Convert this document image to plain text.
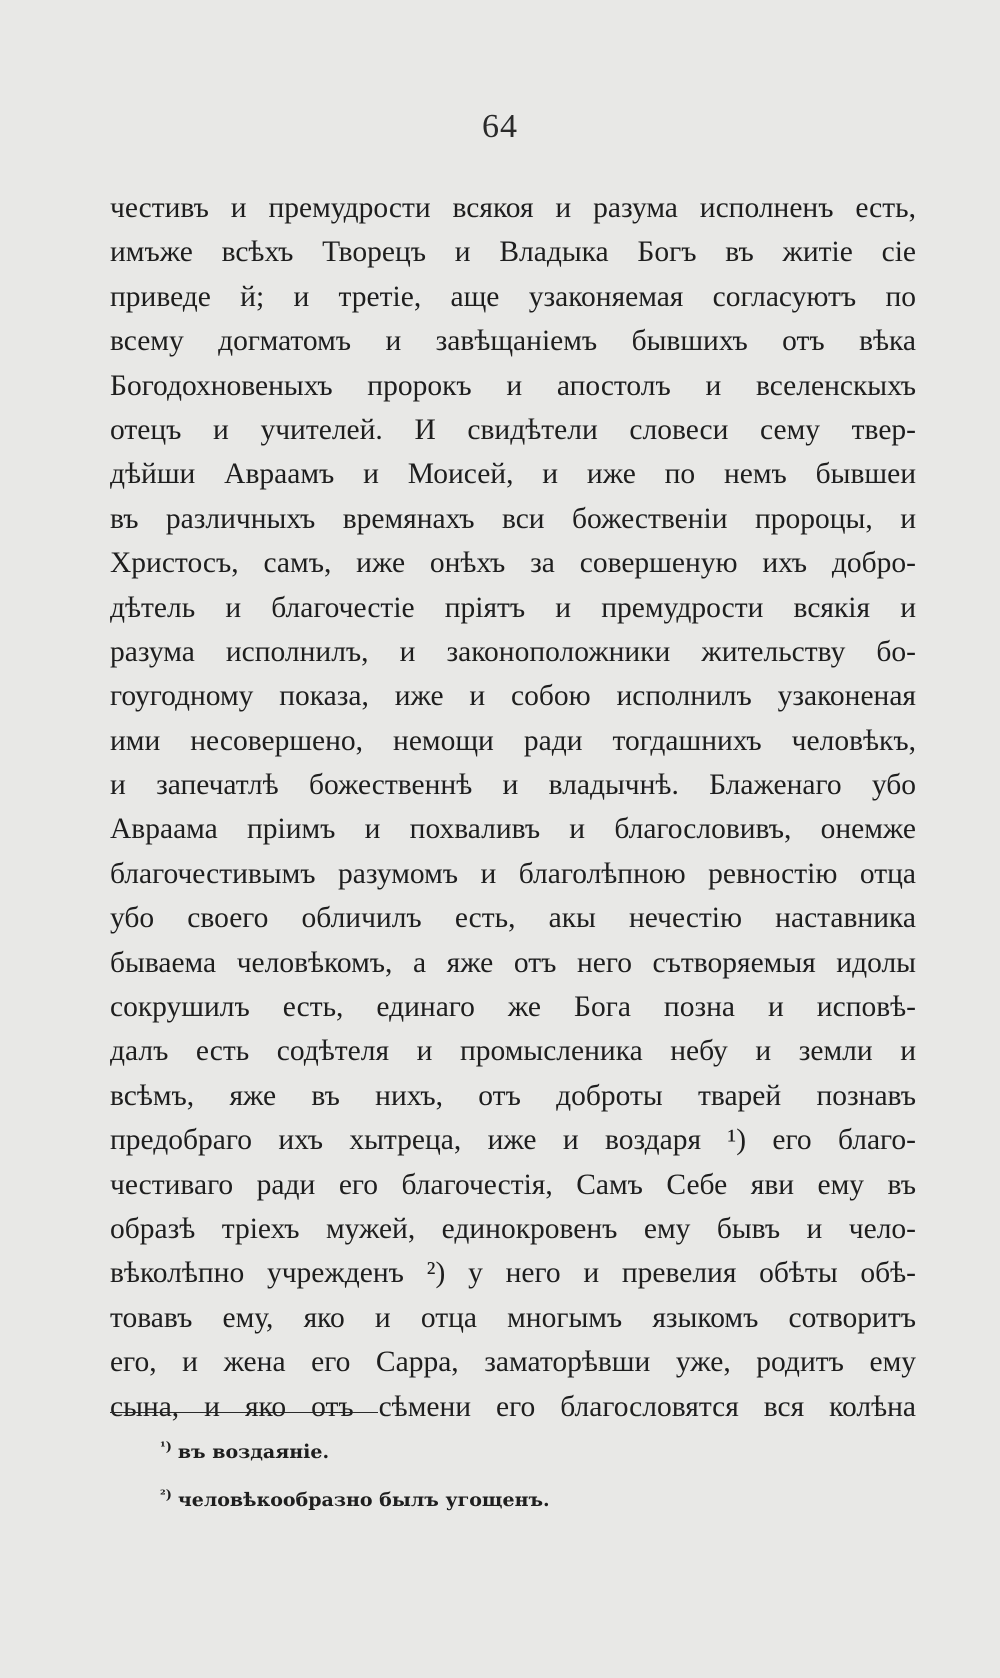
64
честивъ и премудрости всякоя и разума исполненъ есть,
имъже всѣхъ Творецъ и Владыка Богъ въ житіе сіе
приведе й; и третіе, аще узаконяемая согласуютъ по
всему догматомъ и завѣщаніемъ бывшихъ отъ вѣка
Богодохновеныхъ пророкъ и апостолъ и вселенскыхъ
отецъ и учителей. И свидѣтели словеси сему твер-
дѣйши Авраамъ и Моисей, и иже по немъ бывшеи
въ различныхъ времянахъ вси божественіи пророцы, и
Христосъ, самъ, иже онѣхъ за совершеную ихъ добро-
дѣтель и благочестіе пріятъ и премудрости всякія и
разума исполнилъ, и законоположники жительству бо-
гоугодному показа, иже и собою исполнилъ узаконеная
ими несовершено, немощи ради тогдашнихъ человѣкъ,
и запечатлѣ божественнѣ и владычнѣ. Блаженаго убо
Авраама пріимъ и похваливъ и благословивъ, онемже
благочестивымъ разумомъ и благолѣпною ревностію отца
убо своего обличилъ есть, акы нечестію наставника
бываема человѣкомъ, а яже отъ него сътворяемыя идолы
сокрушилъ есть, единаго же Бога позна и исповѣ-
далъ есть содѣтеля и промысленика небу и земли и
всѣмъ, яже въ нихъ, отъ доброты тварей познавъ
предобраго ихъ хытреца, иже и воздаря ¹) его благо-
честиваго ради его благочестія, Самъ Себе яви ему въ
образѣ тріехъ мужей, единокровенъ ему бывъ и чело-
вѣколѣпно учрежденъ ²) у него и превелия обѣты обѣ-
товавъ ему, яко и отца многымъ языкомъ сотворитъ
его, и жена его Сарра, заматорѣвши уже, родитъ ему
сына, и яко отъ сѣмени его благословятся вся колѣна
$^{^1)}$ въ воздаяніе.
$^{^2)}$ человѣкообразно былъ угощенъ.
